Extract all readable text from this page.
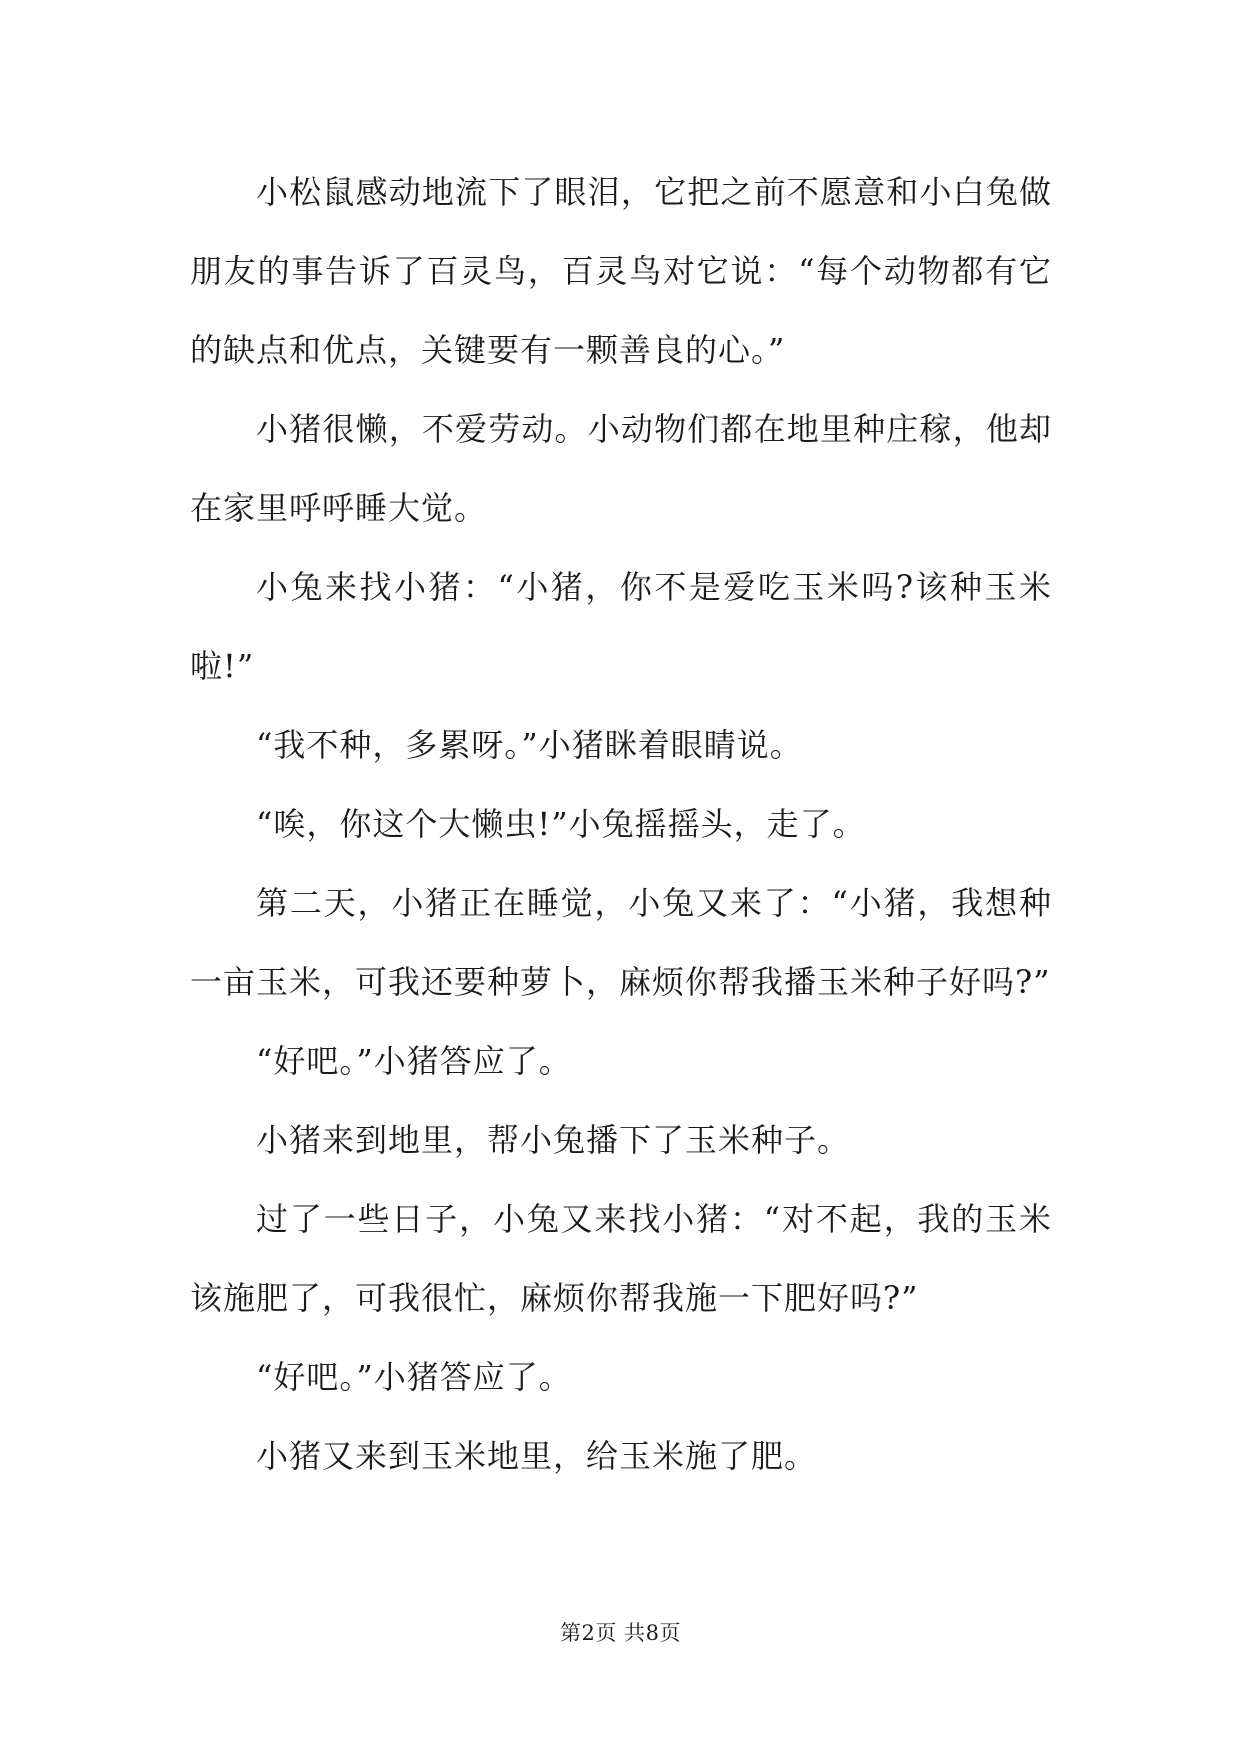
小松鼠感动地流下了眼泪，它把之前不愿意和小白兔做
朋友的事告诉了百灵鸟，百灵鸟对它说：“每个动物都有它
的缺点和优点，关键要有一颗善良的心。”
小猪很懒，不爱劳动。小动物们都在地里种庄稼，他却
在家里呼呼睡大觉。
小兔来找小猪：“小猪，你不是爱吃玉米吗?该种玉米
啦!”
“我不种，多累呀。”小猪眯着眼睛说。
“唉，你这个大懒虫!”小兔摇摇头，走了。
第二天，小猪正在睡觉，小兔又来了：“小猪，我想种
一亩玉米，可我还要种萝卜，麻烦你帮我播玉米种子好吗?”
“好吧。”小猪答应了。
小猪来到地里，帮小兔播下了玉米种子。
过了一些日子，小兔又来找小猪：“对不起，我的玉米
该施肥了，可我很忙，麻烦你帮我施一下肥好吗?”
“好吧。”小猪答应了。
小猪又来到玉米地里，给玉米施了肥。
第2页 共8页
